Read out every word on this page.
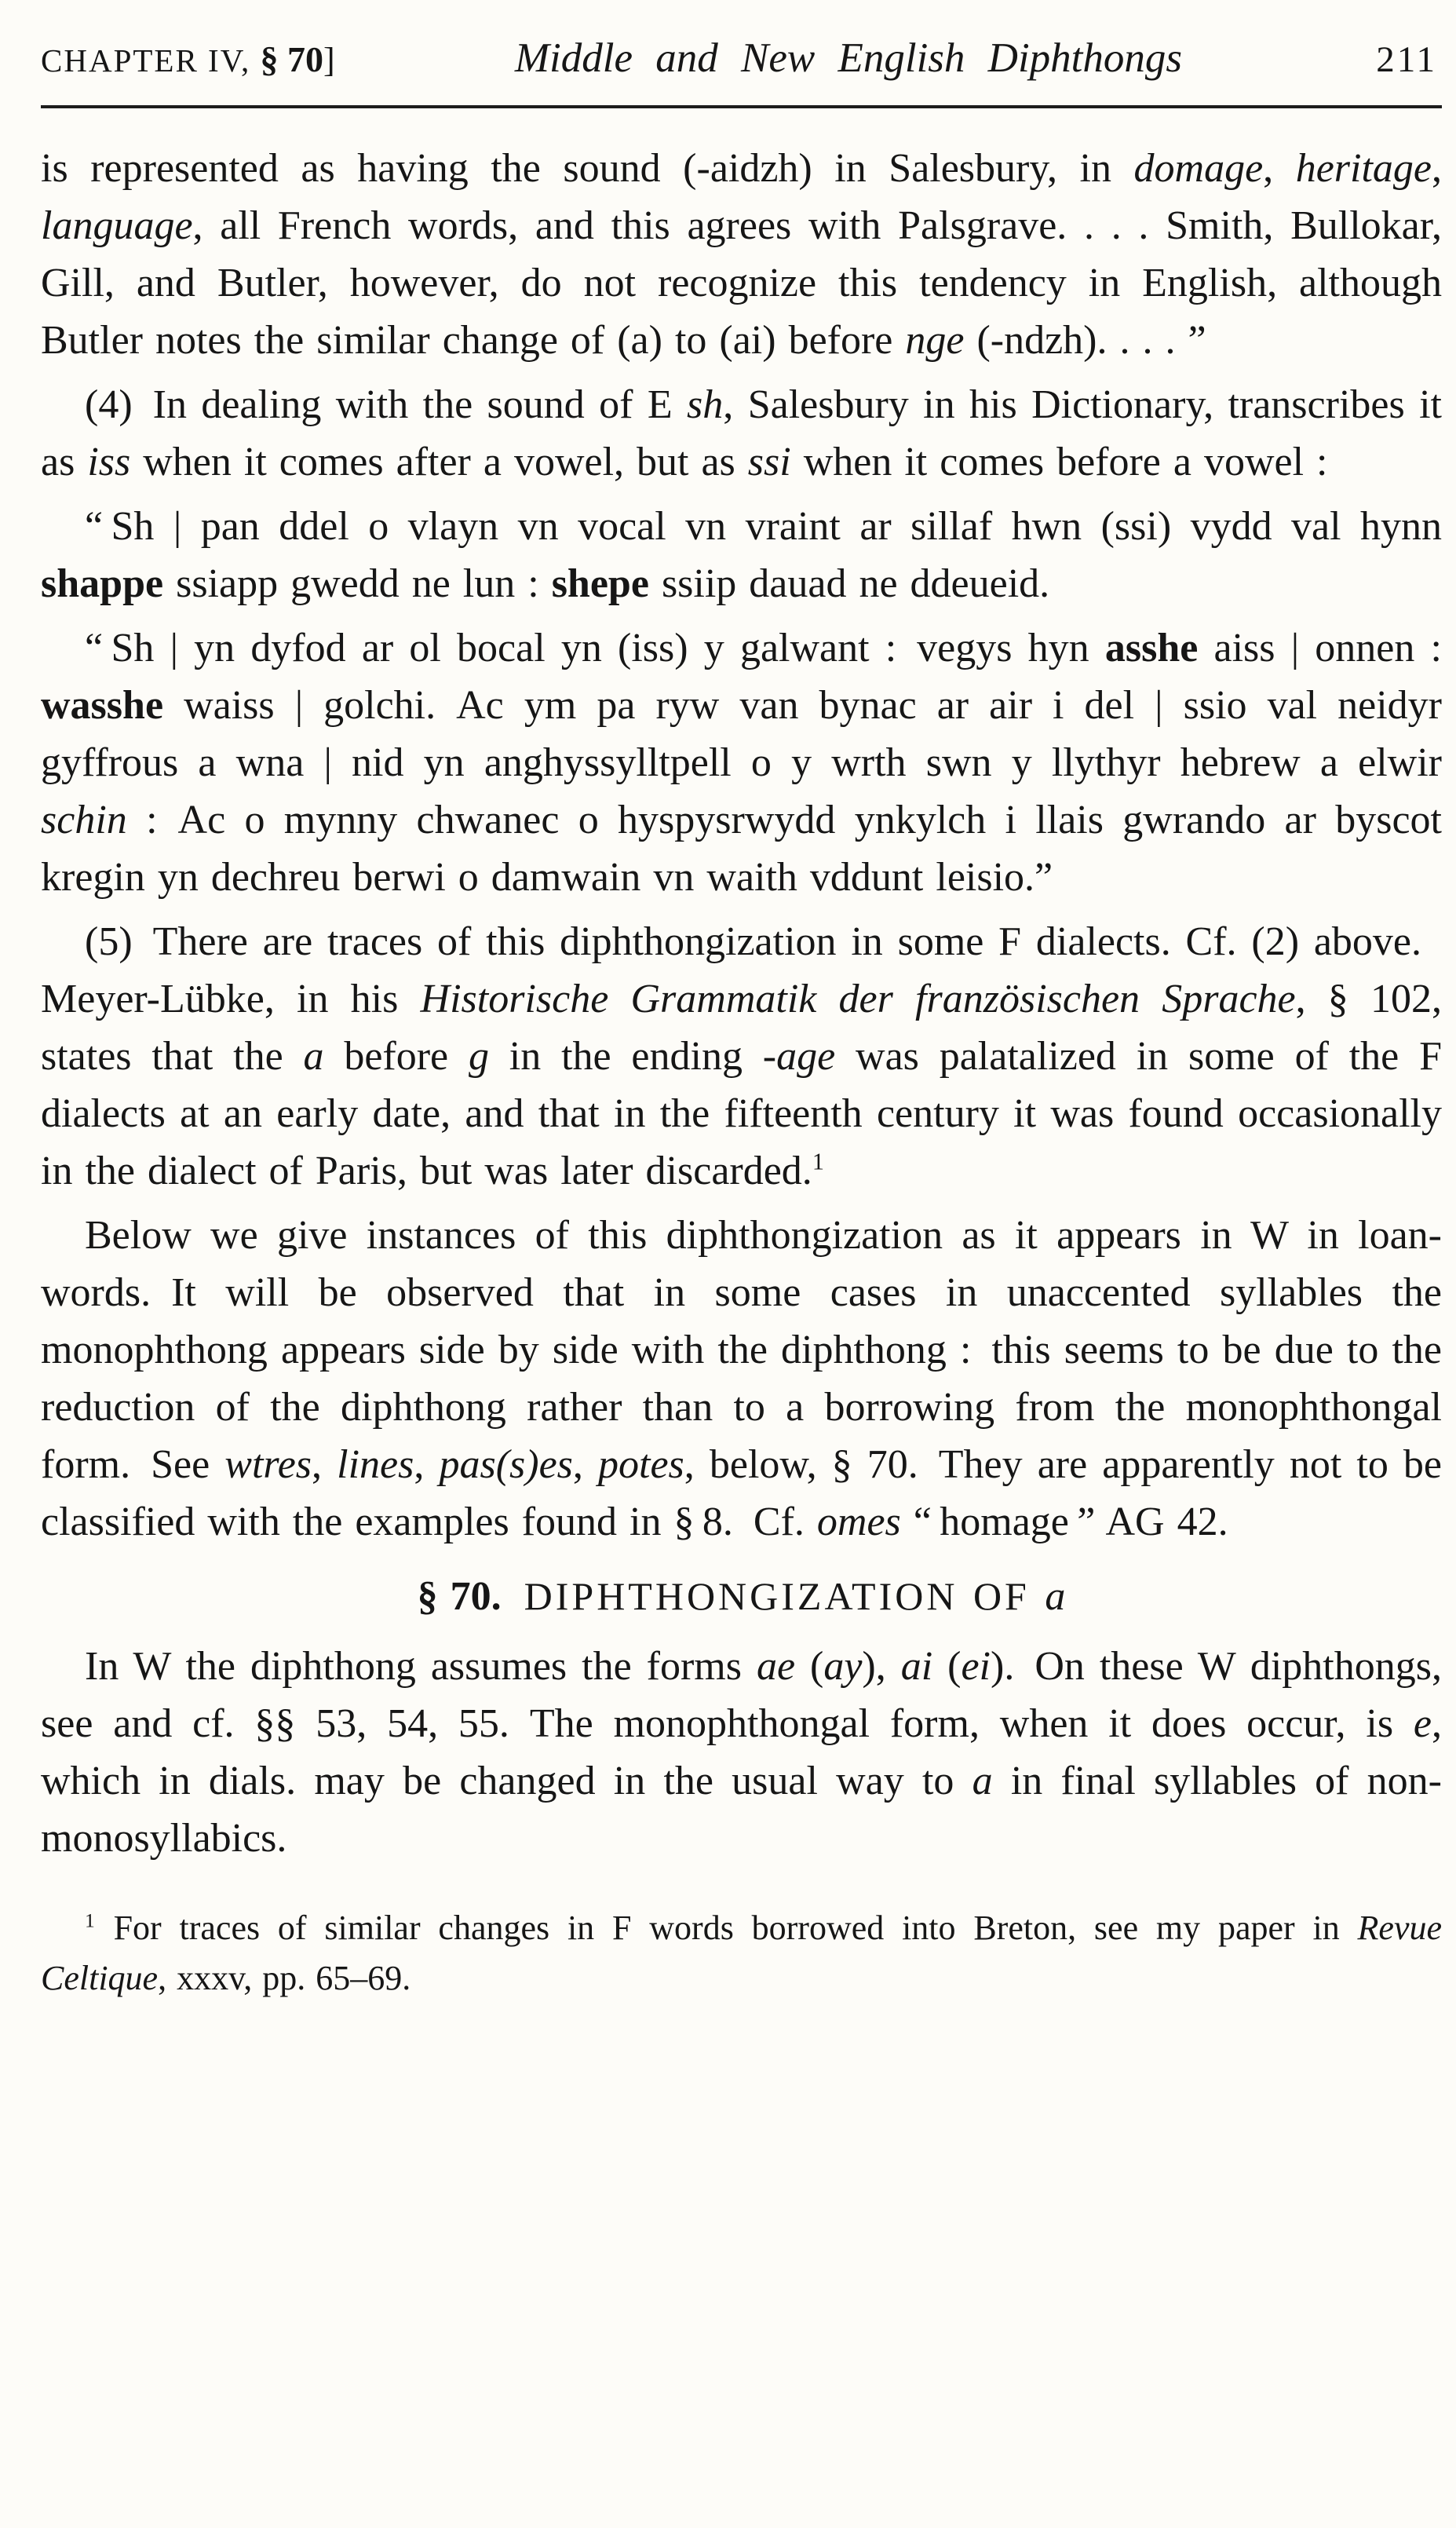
CHAPTER IV, § 70]	Middle and New English Diphthongs	211

is represented as having the sound (-aidzh) in Salesbury, in domage, heritage, language, all French words, and this agrees with Palsgrave. . . . Smith, Bullokar, Gill, and Butler, however, do not recognize this tendency in English, although Butler notes the similar change of (a) to (ai) before nge (-ndzh). . . . ”

(4) In dealing with the sound of E sh, Salesbury in his Dictionary, transcribes it as iss when it comes after a vowel, but as ssi when it comes before a vowel :

“ Sh | pan ddel o vlayn vn vocal vn vraint ar sillaf hwn (ssi) vydd val hynn shappe ssiapp gwedd ne lun : shepe ssiip dauad ne ddeueid.

“ Sh | yn dyfod ar ol bocal yn (iss) y galwant : vegys hyn asshe aiss | onnen : wasshe waiss | golchi. Ac ym pa ryw van bynac ar air i del | ssio val neidyr gyffrous a wna | nid yn anghyssylltpell o y wrth swn y llythyr hebrew a elwir schin : Ac o mynny chwanec o hyspysrwydd ynkylch i llais gwrando ar byscot kregin yn dechreu berwi o damwain vn waith vddunt leisio.”

(5) There are traces of this diphthongization in some F dialects. Cf. (2) above. Meyer-Lübke, in his Historische Grammatik der französischen Sprache, § 102, states that the a before g in the ending -age was palatalized in some of the F dialects at an early date, and that in the fifteenth century it was found occasionally in the dialect of Paris, but was later discarded.$^1$

Below we give instances of this diphthongization as it appears in W in loan-words. It will be observed that in some cases in unaccented syllables the monophthong appears side by side with the diphthong : this seems to be due to the reduction of the diphthong rather than to a borrowing from the monophthongal form. See wtres, lines, pas(s)es, potes, below, § 70. They are apparently not to be classified with the examples found in § 8. Cf. omes “ homage ” AG 42.

§ 70. DIPHTHONGIZATION OF a

In W the diphthong assumes the forms ae (ay), ai (ei). On these W diphthongs, see and cf. §§ 53, 54, 55. The monophthongal form, when it does occur, is e, which in dials. may be changed in the usual way to a in final syllables of non-monosyllabics.

$^1$ For traces of similar changes in F words borrowed into Breton, see my paper in Revue Celtique, xxxv, pp. 65–69.
